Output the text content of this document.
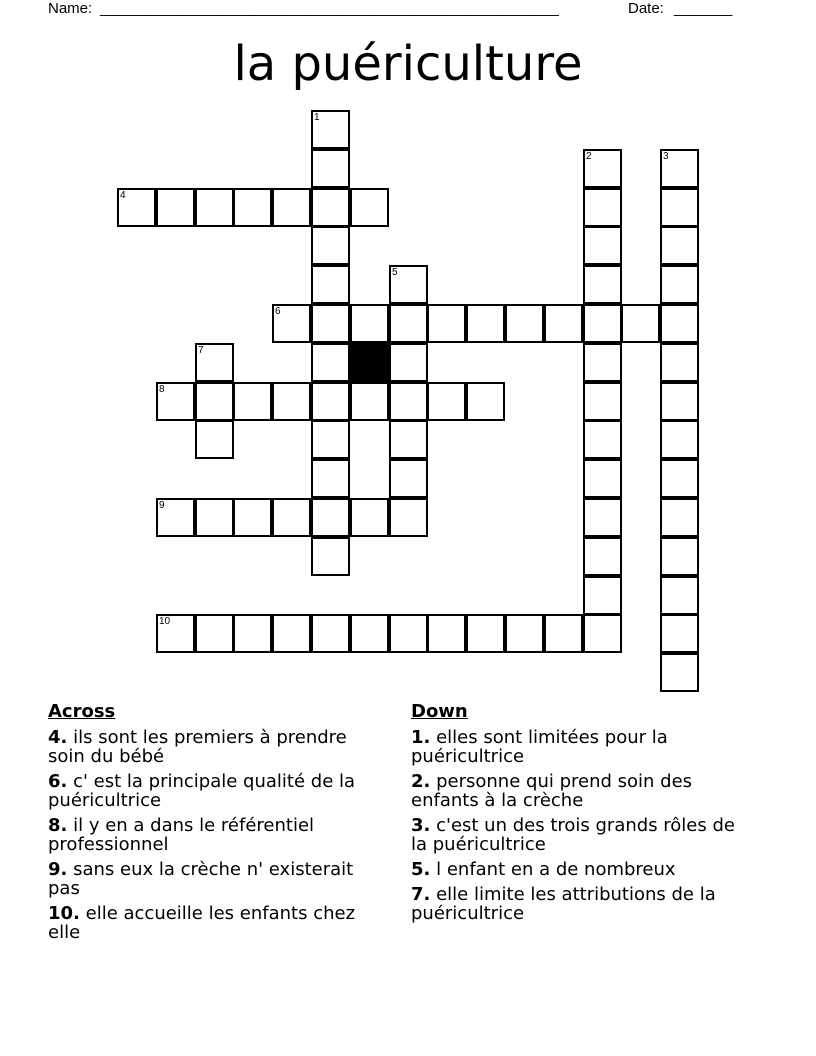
Name: _______________________________________________________	Date: _______
la puériculture
4
6
8
9
10
1
2	3
5
7
Across
4. ils sont les premiers à prendre soin du bébé
6. c' est la principale qualité de la puéricultrice
8. il y en a dans le référentiel professionnel
9. sans eux la crèche n' existerait pas
10. elle accueille les enfants chez elle
Down
1. elles sont limitées pour la puéricultrice
2. personne qui prend soin des enfants à la crèche
3. c'est un des trois grands rôles de la puéricultrice
5. l enfant en a de nombreux
7. elle limite les attributions de la puéricultrice
